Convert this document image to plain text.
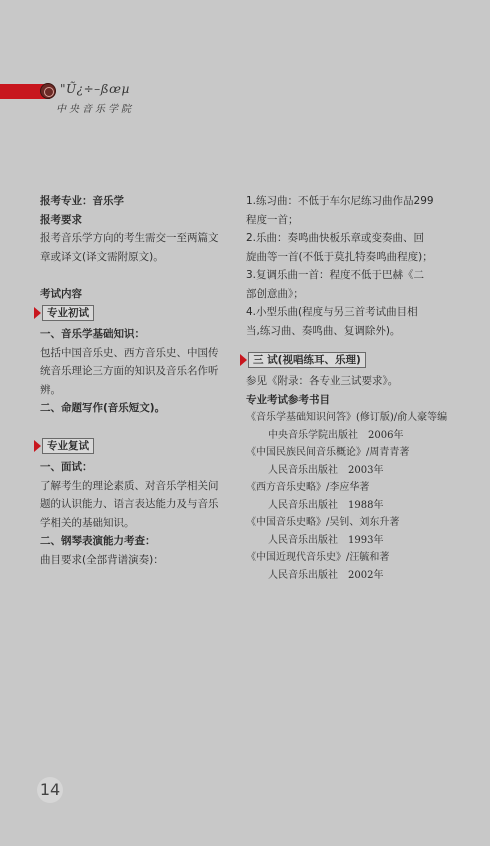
"Ũ¿÷–ßœµ
中央音乐学院
报考专业：音乐学
报考要求
报考音乐学方向的考生需交一至两篇文
章或译文(译文需附原文)。
考试内容
专业初试
一、音乐学基础知识：
包括中国音乐史、西方音乐史、中国传
统音乐理论三方面的知识及音乐名作听
辨。
二、命题写作(音乐短文)。
专业复试
一、面试：
了解考生的理论素质、对音乐学相关问
题的认识能力、语言表达能力及与音乐
学相关的基础知识。
二、钢琴表演能力考查：
曲目要求(全部背谱演奏)：
1.练习曲：不低于车尔尼练习曲作品299
程度一首；
2.乐曲：奏鸣曲快板乐章或变奏曲、回
旋曲等一首(不低于莫扎特奏鸣曲程度)；
3.复调乐曲一首：程度不低于巴赫《二
部创意曲》；
4.小型乐曲(程度与另三首考试曲目相
当,练习曲、奏鸣曲、复调除外)。
三 试(视唱练耳、乐理)
参见《附录：各专业三试要求》。
专业考试参考书目
《音乐学基础知识问答》(修订版)/俞人豪等编
中央音乐学院出版社　2006年
《中国民族民间音乐概论》/周青青著
人民音乐出版社　2003年
《西方音乐史略》/李应华著
人民音乐出版社　1988年
《中国音乐史略》/吴钊、刘东升著
人民音乐出版社　1993年
《中国近现代音乐史》/汪毓和著
人民音乐出版社　2002年
14
